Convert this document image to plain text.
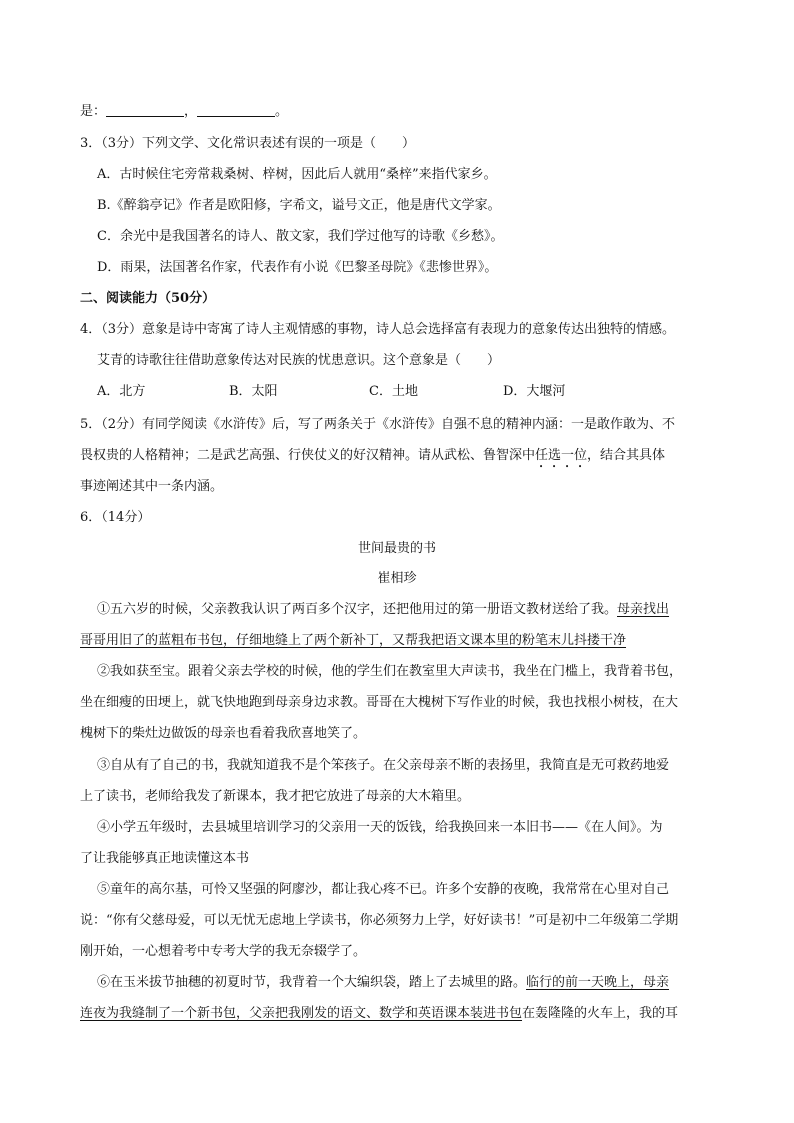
是：	，	。
3．（3分）下列文学、文化常识表述有误的一项是（　　）
A．古时候住宅旁常栽桑树、梓树，因此后人就用“桑梓”来指代家乡。
B.《醉翁亭记》作者是欧阳修，字希文，谥号文正，他是唐代文学家。
C．余光中是我国著名的诗人、散文家，我们学过他写的诗歌《乡愁》。
D．雨果，法国著名作家，代表作有小说《巴黎圣母院》《悲惨世界》。
二、阅读能力（50分）
4．（3分）意象是诗中寄寓了诗人主观情感的事物，诗人总会选择富有表现力的意象传达出独特的情感。
艾青的诗歌往往借助意象传达对民族的忧患意识。这个意象是（　　）
A．北方	B．太阳	C．土地	D．大堰河
5．（2分）有同学阅读《水浒传》后，写了两条关于《水浒传》自强不息的精神内涵：一是敢作敢为、不
畏权贵的人格精神；二是武艺高强、行侠仗义的好汉精神。请从武松、鲁智深中任选一位，结合其具体
事迹阐述其中一条内涵。
6．（14分）
世间最贵的书
崔相珍
①五六岁的时候，父亲教我认识了两百多个汉字，还把他用过的第一册语文教材送给了我。母亲找出
哥哥用旧了的蓝粗布书包，仔细地缝上了两个新补丁，又帮我把语文课本里的粉笔末儿抖搂干净
②我如获至宝。跟着父亲去学校的时候，他的学生们在教室里大声读书，我坐在门槛上，我背着书包，
坐在细瘦的田埂上，就飞快地跑到母亲身边求教。哥哥在大槐树下写作业的时候，我也找根小树枝，在大
槐树下的柴灶边做饭的母亲也看着我欣喜地笑了。
③自从有了自己的书，我就知道我不是个笨孩子。在父亲母亲不断的表扬里，我简直是无可救药地爱
上了读书，老师给我发了新课本，我才把它放进了母亲的大木箱里。
④小学五年级时，去县城里培训学习的父亲用一天的饭钱，给我换回来一本旧书——《在人间》。为
了让我能够真正地读懂这本书
⑤童年的高尔基，可怜又坚强的阿廖沙，都让我心疼不已。许多个安静的夜晚，我常常在心里对自己
说：“你有父慈母爱，可以无忧无虑地上学读书，你必须努力上学，好好读书！”可是初中二年级第二学期
刚开始，一心想着考中专考大学的我无奈辍学了。
⑥在玉米拔节抽穗的初夏时节，我背着一个大编织袋，踏上了去城里的路。临行的前一天晚上，母亲
连夜为我缝制了一个新书包，父亲把我刚发的语文、数学和英语课本装进书包在轰隆隆的火车上，我的耳
